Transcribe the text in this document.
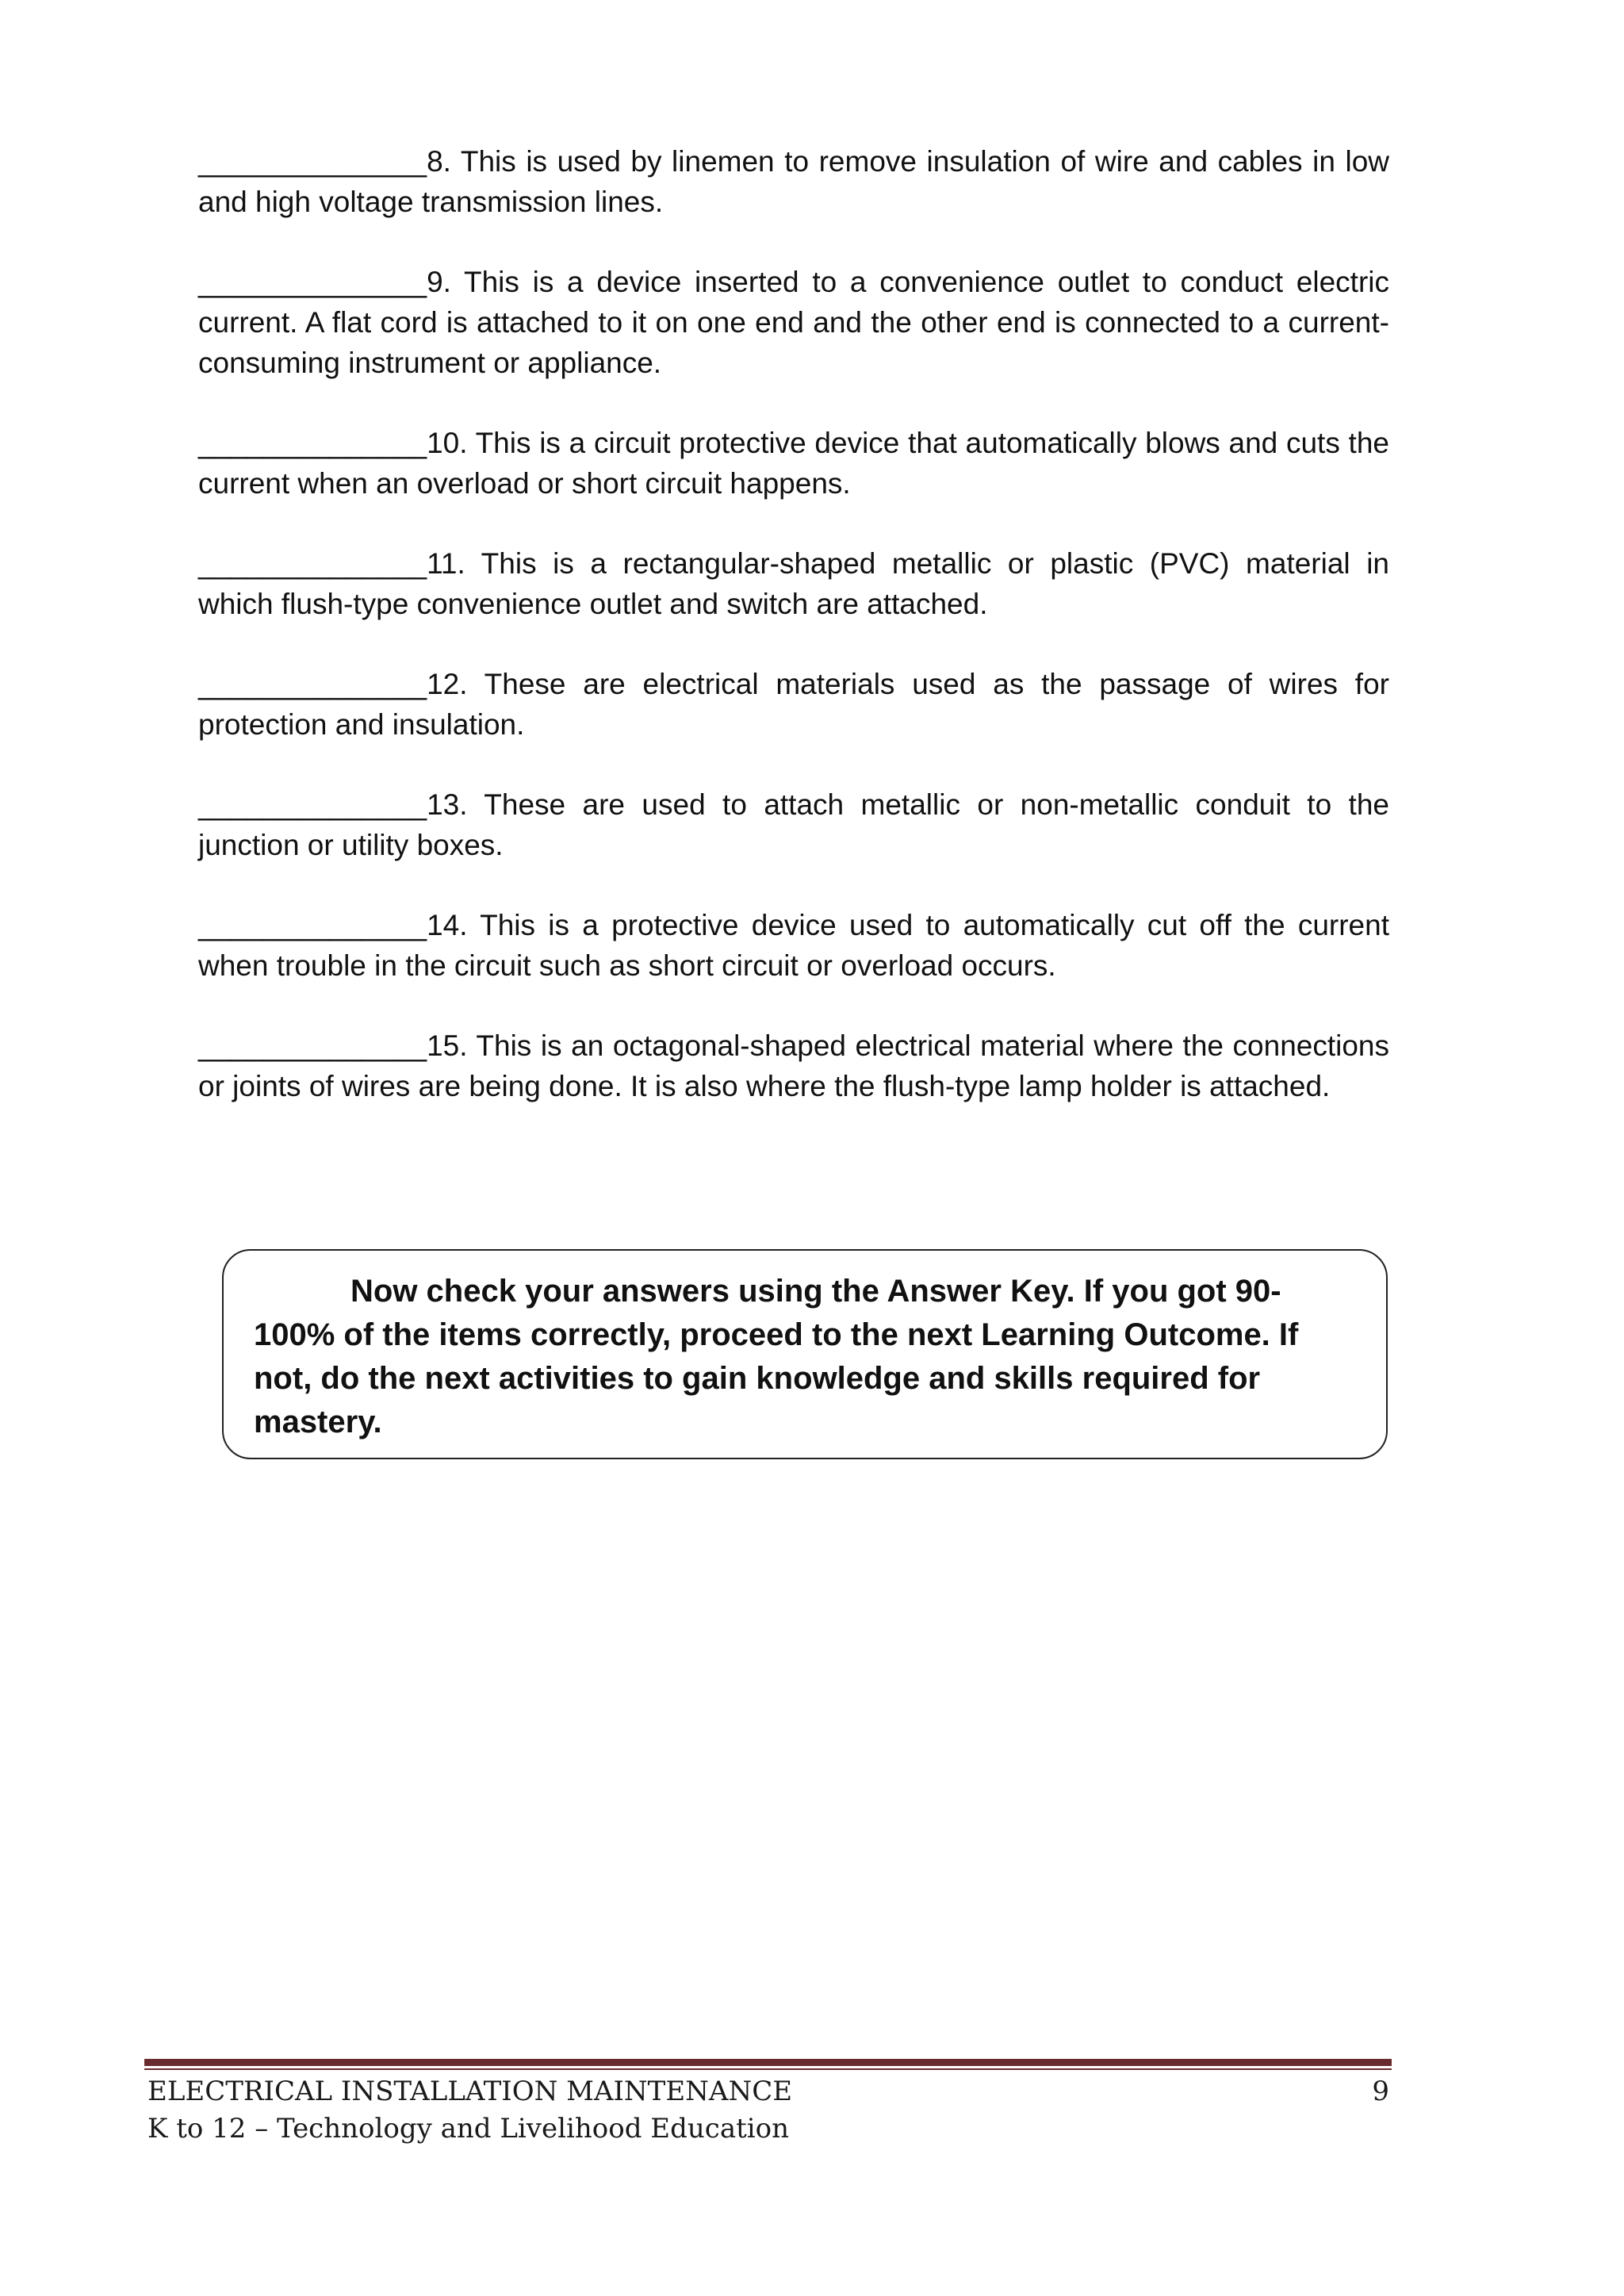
______________8. This is used by linemen to remove insulation of wire and cables in low and high voltage transmission lines.

______________9. This is a device inserted to a convenience outlet to conduct electric current. A flat cord is attached to it on one end and the other end is connected to a current-consuming instrument or appliance.

______________10. This is a circuit protective device that automatically blows and cuts the current when an overload or short circuit happens.

______________11. This is a rectangular-shaped metallic or plastic (PVC) material in which flush-type convenience outlet and switch are attached.

______________12. These are electrical materials used as the passage of wires for protection and insulation.

______________13. These are used to attach metallic or non-metallic conduit to the junction or utility boxes.

______________14. This is a protective device used to automatically cut off the current when trouble in the circuit such as short circuit or overload occurs.

______________15. This is an octagonal-shaped electrical material where the connections or joints of wires are being done. It is also where the flush-type lamp holder is attached.

Now check your answers using the Answer Key. If you got 90-100% of the items correctly, proceed to the next Learning Outcome. If not, do the next activities to gain knowledge and skills required for mastery.

ELECTRICAL INSTALLATION MAINTENANCE	9
K to 12 – Technology and Livelihood Education
